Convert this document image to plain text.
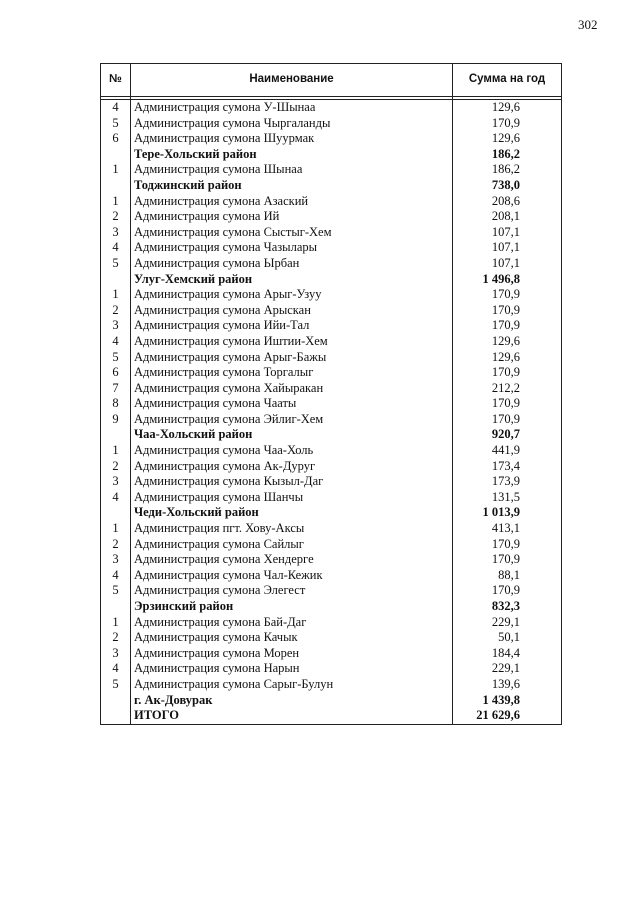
302
№	Наименование	Сумма на год

4	Администрация сумона У-Шынаа	129,6
5	Администрация сумона Чыргаланды	170,9
6	Администрация сумона Шуурмак	129,6
	Тере-Хольский район	186,2
1	Администрация сумона Шынаа	186,2
	Тоджинский район	738,0
1	Администрация сумона Азаский	208,6
2	Администрация сумона Ий	208,1
3	Администрация сумона Сыстыг-Хем	107,1
4	Администрация сумона Чазылары	107,1
5	Администрация сумона Ырбан	107,1
	Улуг-Хемский район	1 496,8
1	Администрация сумона Арыг-Узуу	170,9
2	Администрация сумона Арыскан	170,9
3	Администрация сумона Ийи-Тал	170,9
4	Администрация сумона Иштии-Хем	129,6
5	Администрация сумона Арыг-Бажы	129,6
6	Администрация сумона Торгалыг	170,9
7	Администрация сумона Хайыракан	212,2
8	Администрация сумона Чааты	170,9
9	Администрация сумона Эйлиг-Хем	170,9
	Чаа-Хольский район	920,7
1	Администрация сумона Чаа-Холь	441,9
2	Администрация сумона Ак-Дуруг	173,4
3	Администрация сумона Кызыл-Даг	173,9
4	Администрация сумона Шанчы	131,5
	Чеди-Хольский район	1 013,9
1	Администрация пгт. Хову-Аксы	413,1
2	Администрация сумона Сайлыг	170,9
3	Администрация сумона Хендергe	170,9
4	Администрация сумона Чал-Кежик	88,1
5	Администрация сумона Элегест	170,9
	Эрзинский район	832,3
1	Администрация сумона Бай-Даг	229,1
2	Администрация сумона Качык	50,1
3	Администрация сумона Морен	184,4
4	Администрация сумона Нарын	229,1
5	Администрация сумона Сарыг-Булун	139,6
	г. Ак-Довурак	1 439,8
	ИТОГО	21 629,6
